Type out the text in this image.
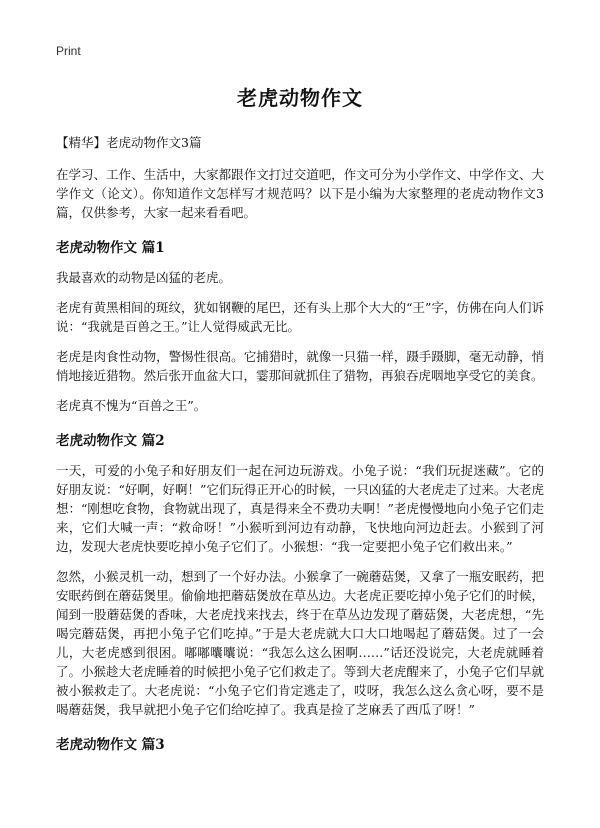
Print
老虎动物作文
【精华】老虎动物作文3篇
在学习、工作、生活中，大家都跟作文打过交道吧，作文可分为小学作文、中学作文、大学作文（论文）。你知道作文怎样写才规范吗？以下是小编为大家整理的老虎动物作文3篇，仅供参考，大家一起来看看吧。
老虎动物作文 篇1
我最喜欢的动物是凶猛的老虎。
老虎有黄黑相间的斑纹，犹如钢鞭的尾巴，还有头上那个大大的“王”字，仿佛在向人们诉说：“我就是百兽之王。”让人觉得威武无比。
老虎是肉食性动物，警惕性很高。它捕猎时，就像一只猫一样，蹑手蹑脚，毫无动静，悄悄地接近猎物。然后张开血盆大口，霎那间就抓住了猎物，再狼吞虎咽地享受它的美食。
老虎真不愧为“百兽之王”。
老虎动物作文 篇2
一天，可爱的小兔子和好朋友们一起在河边玩游戏。小兔子说：“我们玩捉迷藏”。它的 好朋友说：“好啊，好啊！”它们玩得正开心的时候，一只凶猛的大老虎走了过来。大老虎想：“刚想吃食物，食物就出现了，真是得来全不费功夫啊！”老虎慢慢地向小兔子它们走来，它们大喊一声：“救命呀！”小猴听到河边有动静，飞快地向河边赶去。小猴到了河边，发现大老虎快要吃掉小兔子它们了。小猴想：“我一定要把小兔子它们救出来。”
忽然，小猴灵机一动，想到了一个好办法。小猴拿了一碗蘑菇煲，又拿了一瓶安眠药，把安眠药倒在蘑菇煲里。偷偷地把蘑菇煲放在草丛边。大老虎正要吃掉小兔子它们的时候，闻到一股蘑菇煲的香味，大老虎找来找去，终于在草丛边发现了蘑菇煲，大老虎想，“先喝完蘑菇煲，再把小兔子它们吃掉。”于是大老虎就大口大口地喝起了蘑菇煲。过了一会儿，大老虎感到很困。嘟嘟囔囔说：“我怎么这么困啊……”话还没说完，大老虎就睡着了。小猴趁大老虎睡着的时候把小兔子它们救走了。等到大老虎醒来了，小兔子它们早就被小猴救走了。大老虎说：“小兔子它们肯定逃走了，哎呀，我怎么这么贪心呀，要不是喝蘑菇煲，我早就把小兔子它们给吃掉了。我真是捡了芝麻丢了西瓜了呀！”
老虎动物作文 篇3
